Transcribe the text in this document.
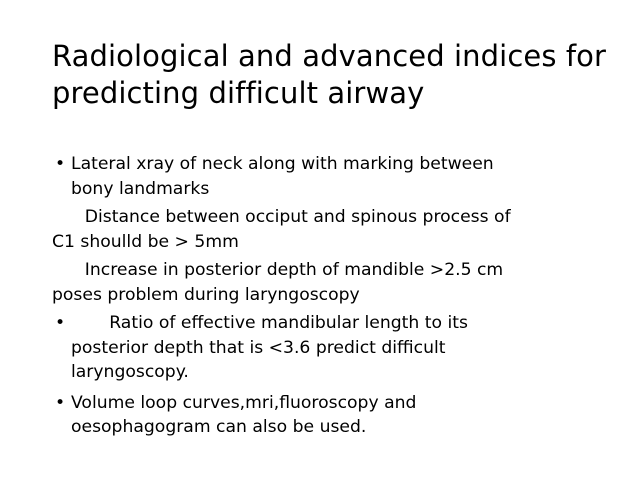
Radiological and advanced indices for
predicting difficult airway
• Lateral xray of neck along with marking between
bony landmarks
Distance between occiput and spinous process of
C1 shoulld be > 5mm
Increase in posterior depth of mandible >2.5 cm
poses problem during laryngoscopy
• Ratio of effective mandibular length to its
posterior depth that is <3.6 predict difficult
laryngoscopy.
• Volume loop curves,mri,fluoroscopy and
oesophagogram can also be used.
